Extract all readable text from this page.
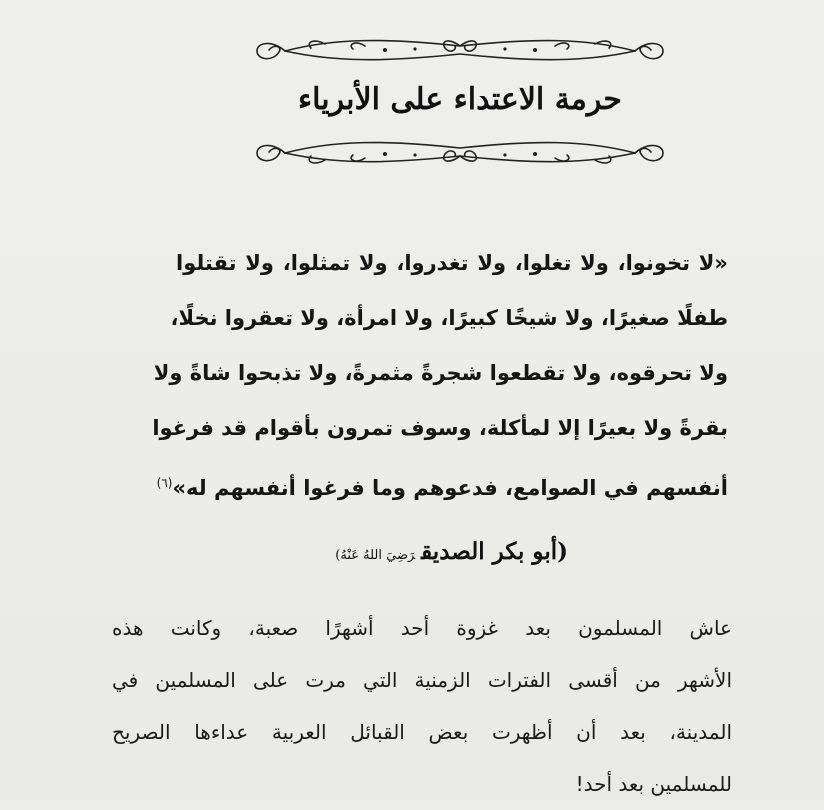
حرمة الاعتداء على الأبرياء
«لا تخونوا، ولا تغلوا، ولا تغدروا، ولا تمثلوا، ولا تقتلوا
طفلًا صغيرًا، ولا شيخًا كبيرًا، ولا امرأة، ولا تعقروا نخلًا،
ولا تحرقوه، ولا تقطعوا شجرةً مثمرةً، ولا تذبحوا شاةً ولا
بقرةً ولا بعيرًا إلا لمأكلة، وسوف تمرون بأقوام قد فرغوا
أنفسهم في الصوامع، فدعوهم وما فرغوا أنفسهم له»$^{(٦)}$
(أبو بكر الصديقرَضِيَ اللهُ عَنْهُ)
عاش المسلمون بعد غزوة أحد أشهرًا صعبة، وكانت هذه
الأشهر من أقسى الفترات الزمنية التي مرت على المسلمين في
المدينة، بعد أن أظهرت بعض القبائل العربية عداءها الصريح
للمسلمين بعد أحد!
